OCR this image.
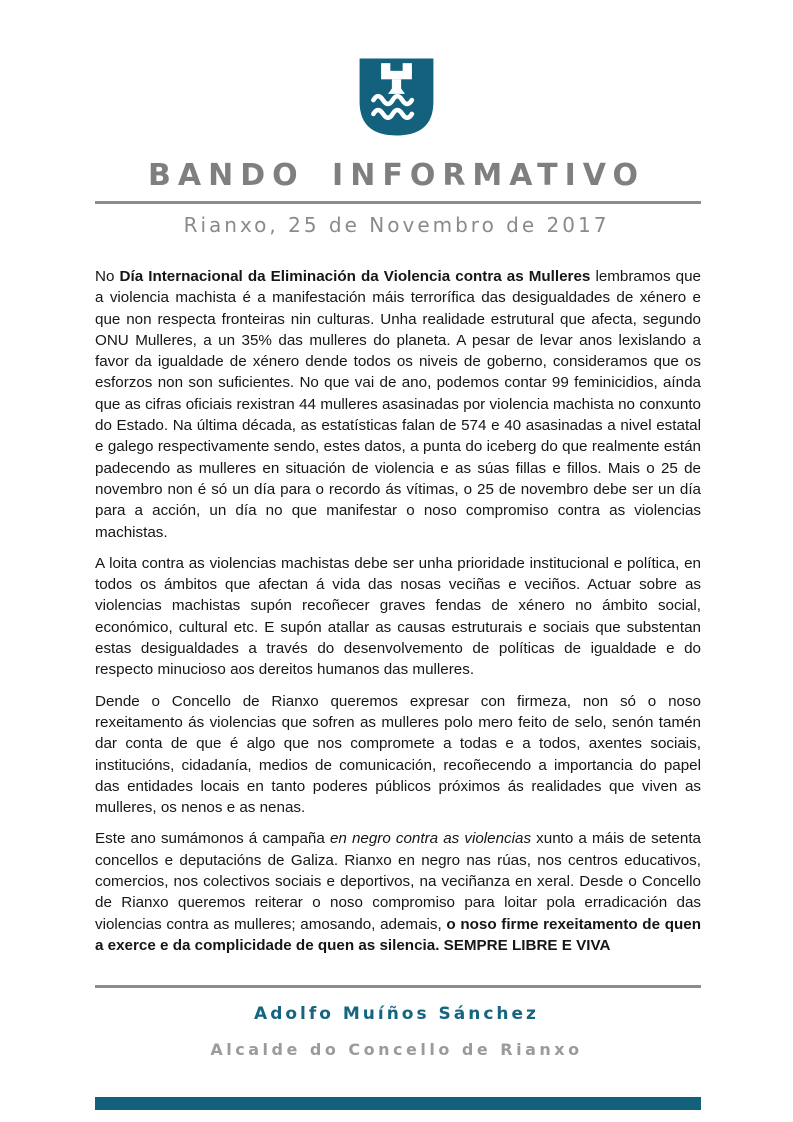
BANDO INFORMATIVO
Rianxo, 25 de Novembro de 2017

No Día Internacional da Eliminación da Violencia contra as Mulleres lembramos que a violencia machista é a manifestación máis terrorífica das desigualdades de xénero e que non respecta fronteiras nin culturas. Unha realidade estrutural que afecta, segundo ONU Mulleres, a un 35% das mulleres do planeta. A pesar de levar anos lexislando a favor da igualdade de xénero dende todos os niveis de goberno, consideramos que os esforzos non son suficientes. No que vai de ano, podemos contar 99 feminicidios, aínda que as cifras oficiais rexistran 44 mulleres asasinadas por violencia machista no conxunto do Estado. Na última década, as estatísticas falan de 574 e 40 asasinadas a nivel estatal e galego respectivamente sendo, estes datos, a punta do iceberg do que realmente están padecendo as mulleres en situación de violencia e as súas fillas e fillos. Mais o 25 de novembro non é só un día para o recordo ás vítimas, o 25 de novembro debe ser un día para a acción, un día no que manifestar o noso compromiso contra as violencias machistas.

A loita contra as violencias machistas debe ser unha prioridade institucional e política, en todos os ámbitos que afectan á vida das nosas veciñas e veciños. Actuar sobre as violencias machistas supón recoñecer graves fendas de xénero no ámbito social, económico, cultural etc. E supón atallar as causas estruturais e sociais que substentan estas desigualdades a través do desenvolvemento de políticas de igualdade e do respecto minucioso aos dereitos humanos das mulleres.

Dende o Concello de Rianxo queremos expresar con firmeza, non só o noso rexeitamento ás violencias que sofren as mulleres polo mero feito de selo, senón tamén dar conta de que é algo que nos compromete a todas e a todos, axentes sociais, institucións, cidadanía, medios de comunicación, recoñecendo a importancia do papel das entidades locais en tanto poderes públicos próximos ás realidades que viven as mulleres, os nenos e as nenas.

Este ano sumámonos á campaña en negro contra as violencias xunto a máis de setenta concellos e deputacións de Galiza. Rianxo en negro nas rúas, nos centros educativos, comercios, nos colectivos sociais e deportivos, na veciñanza en xeral. Desde o Concello de Rianxo queremos reiterar o noso compromiso para loitar pola erradicación das violencias contra as mulleres; amosando, ademais, o noso firme rexeitamento de quen a exerce e da complicidade de quen as silencia. SEMPRE LIBRE E VIVA

Adolfo Muíños Sánchez
Alcalde do Concello de Rianxo
